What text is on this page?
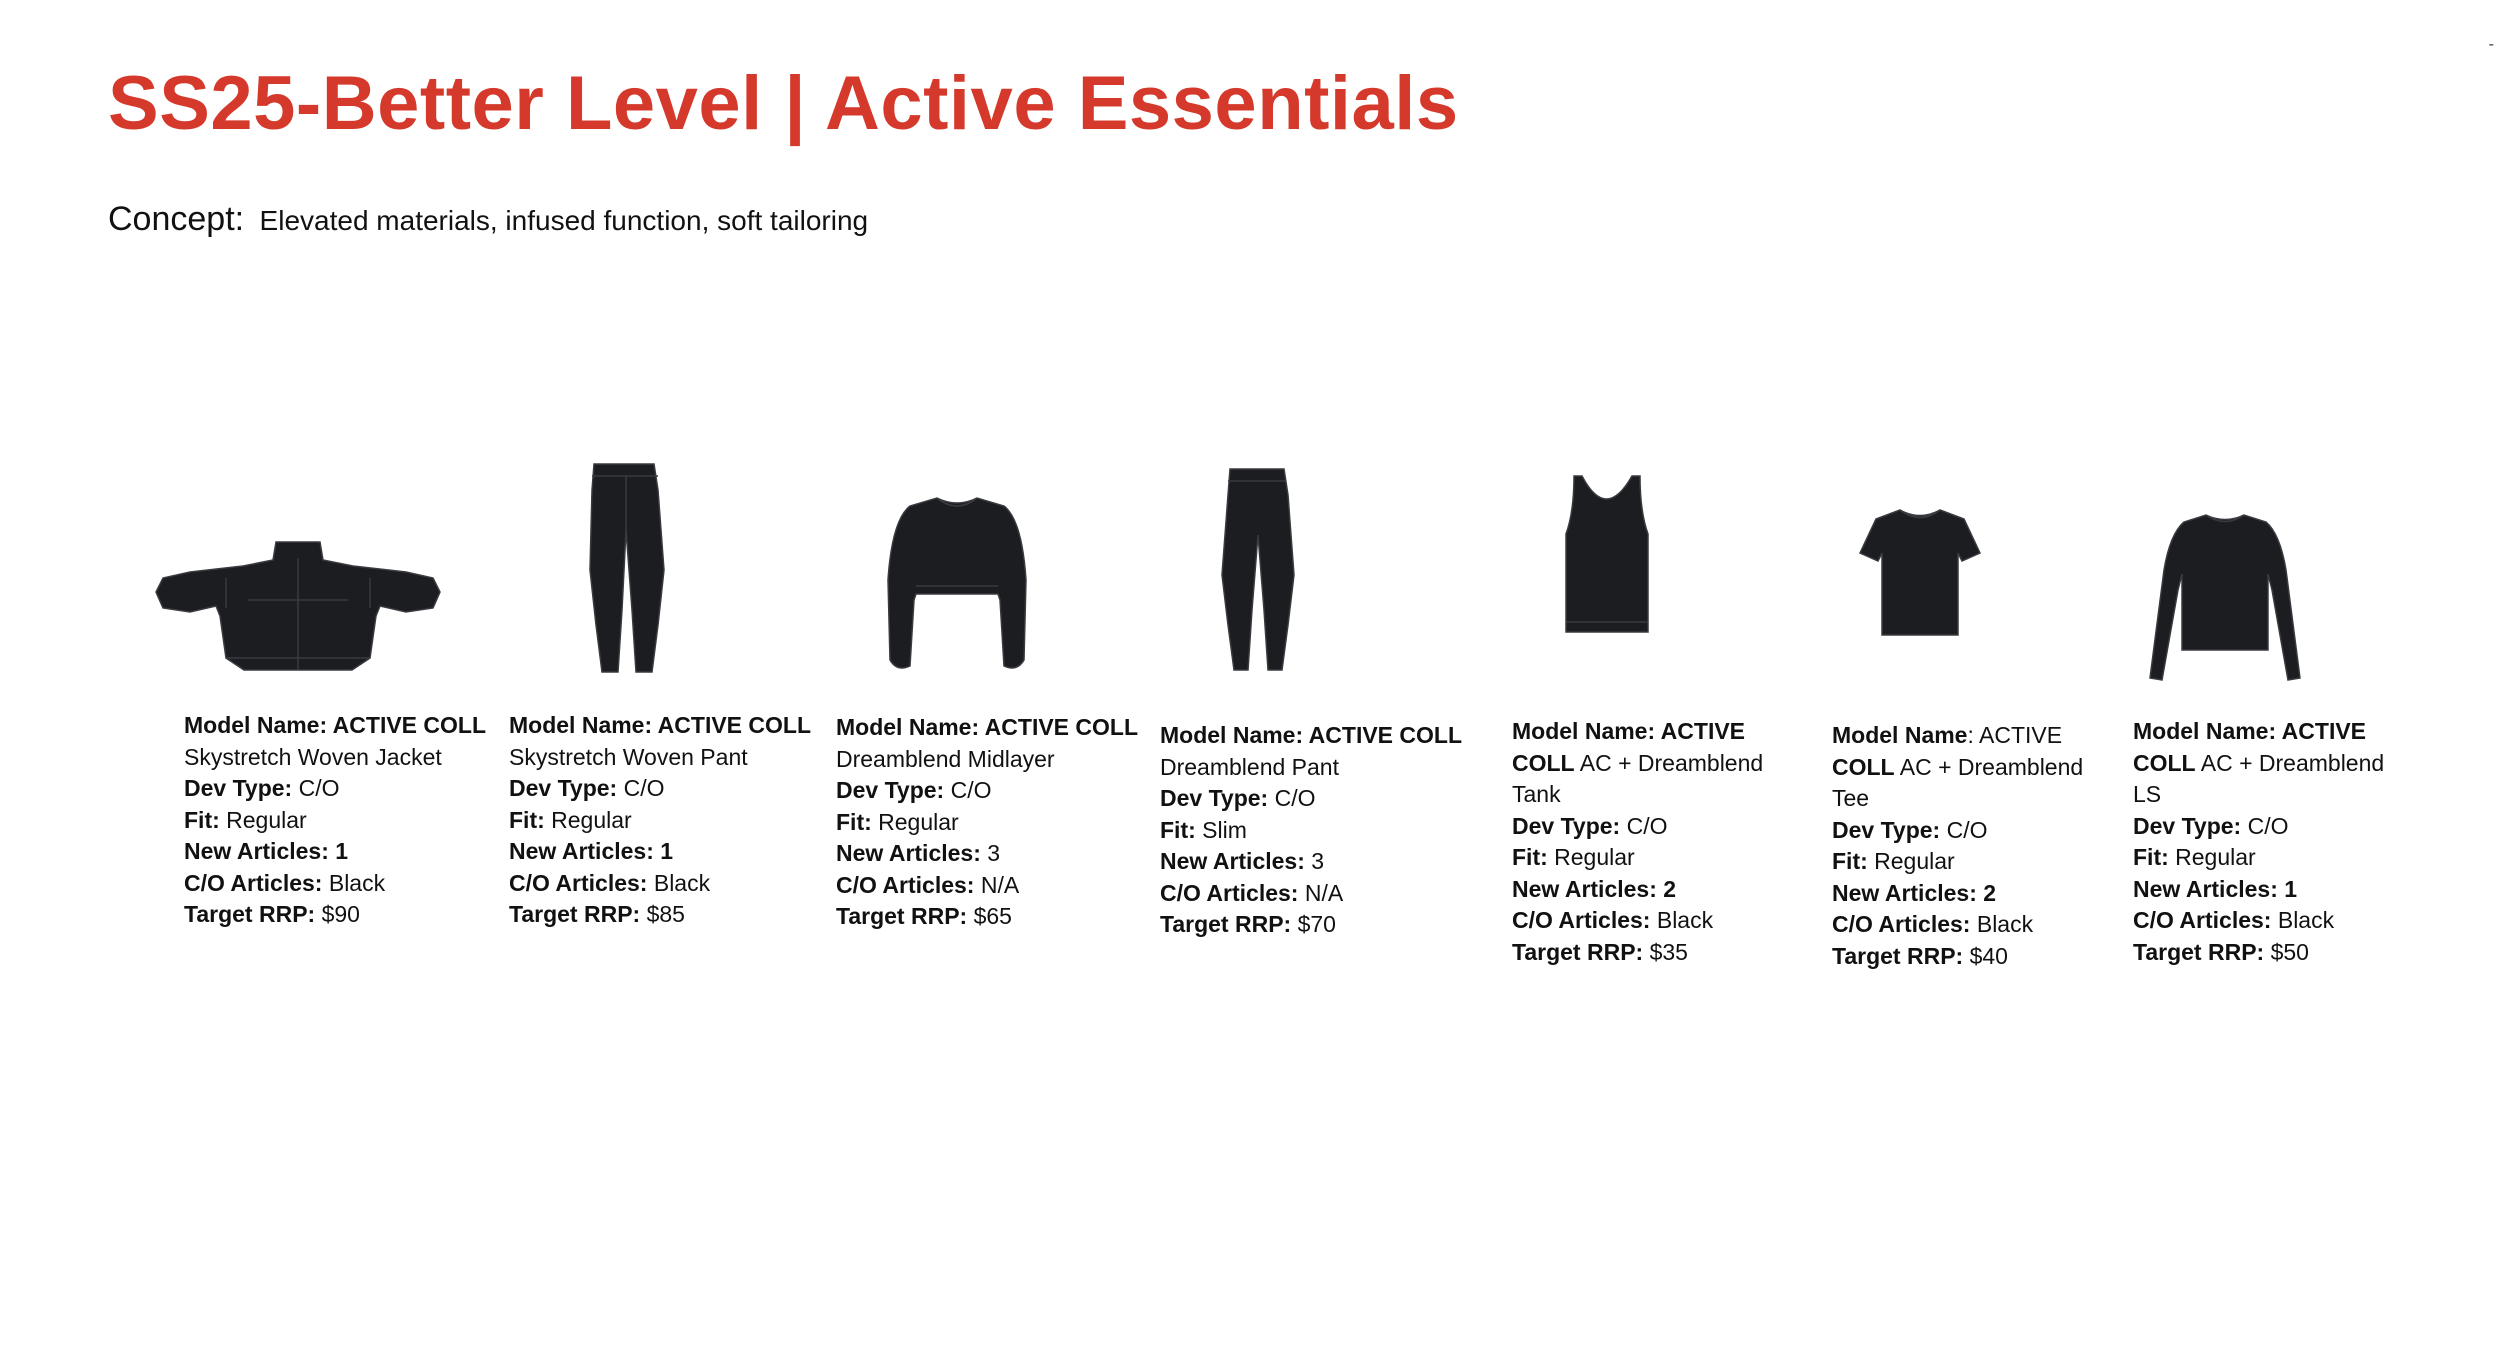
SS25-Better Level | Active Essentials
-
Concept: Elevated materials, infused function, soft tailoring
Model Name: ACTIVE COLL
Skystretch Woven Jacket
Dev Type: C/O
Fit: Regular
New Articles: 1
C/O Articles: Black
Target RRP: $90
Model Name: ACTIVE COLL
Skystretch Woven Pant
Dev Type: C/O
Fit: Regular
New Articles: 1
C/O Articles: Black
Target RRP: $85
Model Name: ACTIVE COLL
Dreamblend Midlayer
Dev Type: C/O
Fit: Regular
New Articles: 3
C/O Articles: N/A
Target RRP: $65
Model Name: ACTIVE COLL
Dreamblend Pant
Dev Type: C/O
Fit: Slim
New Articles: 3
C/O Articles: N/A
Target RRP: $70
Model Name: ACTIVE
COLL AC + Dreamblend
Tank
Dev Type: C/O
Fit: Regular
New Articles: 2
C/O Articles: Black
Target RRP: $35
Model Name: ACTIVE
COLL AC + Dreamblend
Tee
Dev Type: C/O
Fit: Regular
New Articles: 2
C/O Articles: Black
Target RRP: $40
Model Name: ACTIVE
COLL AC + Dreamblend
LS
Dev Type: C/O
Fit: Regular
New Articles: 1
C/O Articles: Black
Target RRP: $50
